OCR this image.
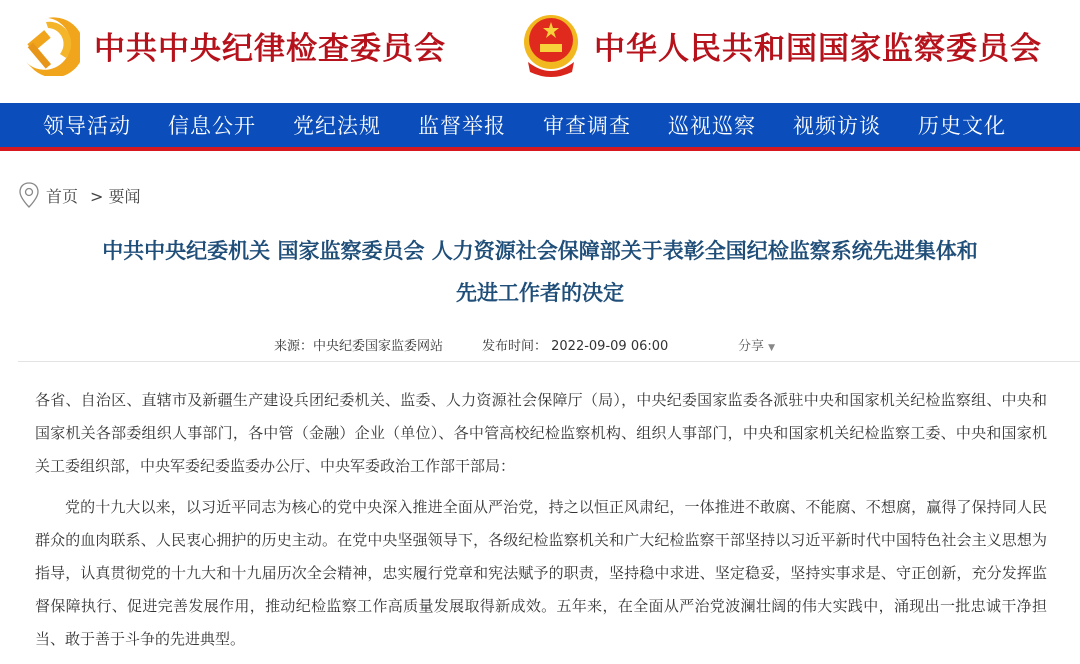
中共中央纪律检查委员会	中华人民共和国国家监察委员会
领导活动 信息公开 党纪法规 监督举报 审查调查 巡视巡察 视频访谈 历史文化
首页 > 要闻
中共中央纪委机关 国家监察委员会 人力资源社会保障部关于表彰全国纪检监察系统先进集体和
先进工作者的决定
来源：中央纪委国家监委网站	发布时间： 2022-09-09 06:00	分享 ▼

各省、自治区、直辖市及新疆生产建设兵团纪委机关、监委、人力资源社会保障厅（局），中央纪委国家监委各派驻中央和国家机关纪检监察组、中央和国家机关各部委组织人事部门，各中管（金融）企业（单位）、各中管高校纪检监察机构、组织人事部门，中央和国家机关纪检监察工委、中央和国家机关工委组织部，中央军委纪委监委办公厅、中央军委政治工作部干部局：

党的十九大以来，以习近平同志为核心的党中央深入推进全面从严治党，持之以恒正风肃纪，一体推进不敢腐、不能腐、不想腐，赢得了保持同人民群众的血肉联系、人民衷心拥护的历史主动。在党中央坚强领导下，各级纪检监察机关和广大纪检监察干部坚持以习近平新时代中国特色社会主义思想为指导，认真贯彻党的十九大和十九届历次全会精神，忠实履行党章和宪法赋予的职责，坚持稳中求进、坚定稳妥，坚持实事求是、守正创新，充分发挥监督保障执行、促进完善发展作用，推动纪检监察工作高质量发展取得新成效。五年来，在全面从严治党波澜壮阔的伟大实践中，涌现出一批忠诚干净担当、敢于善于斗争的先进典型。
